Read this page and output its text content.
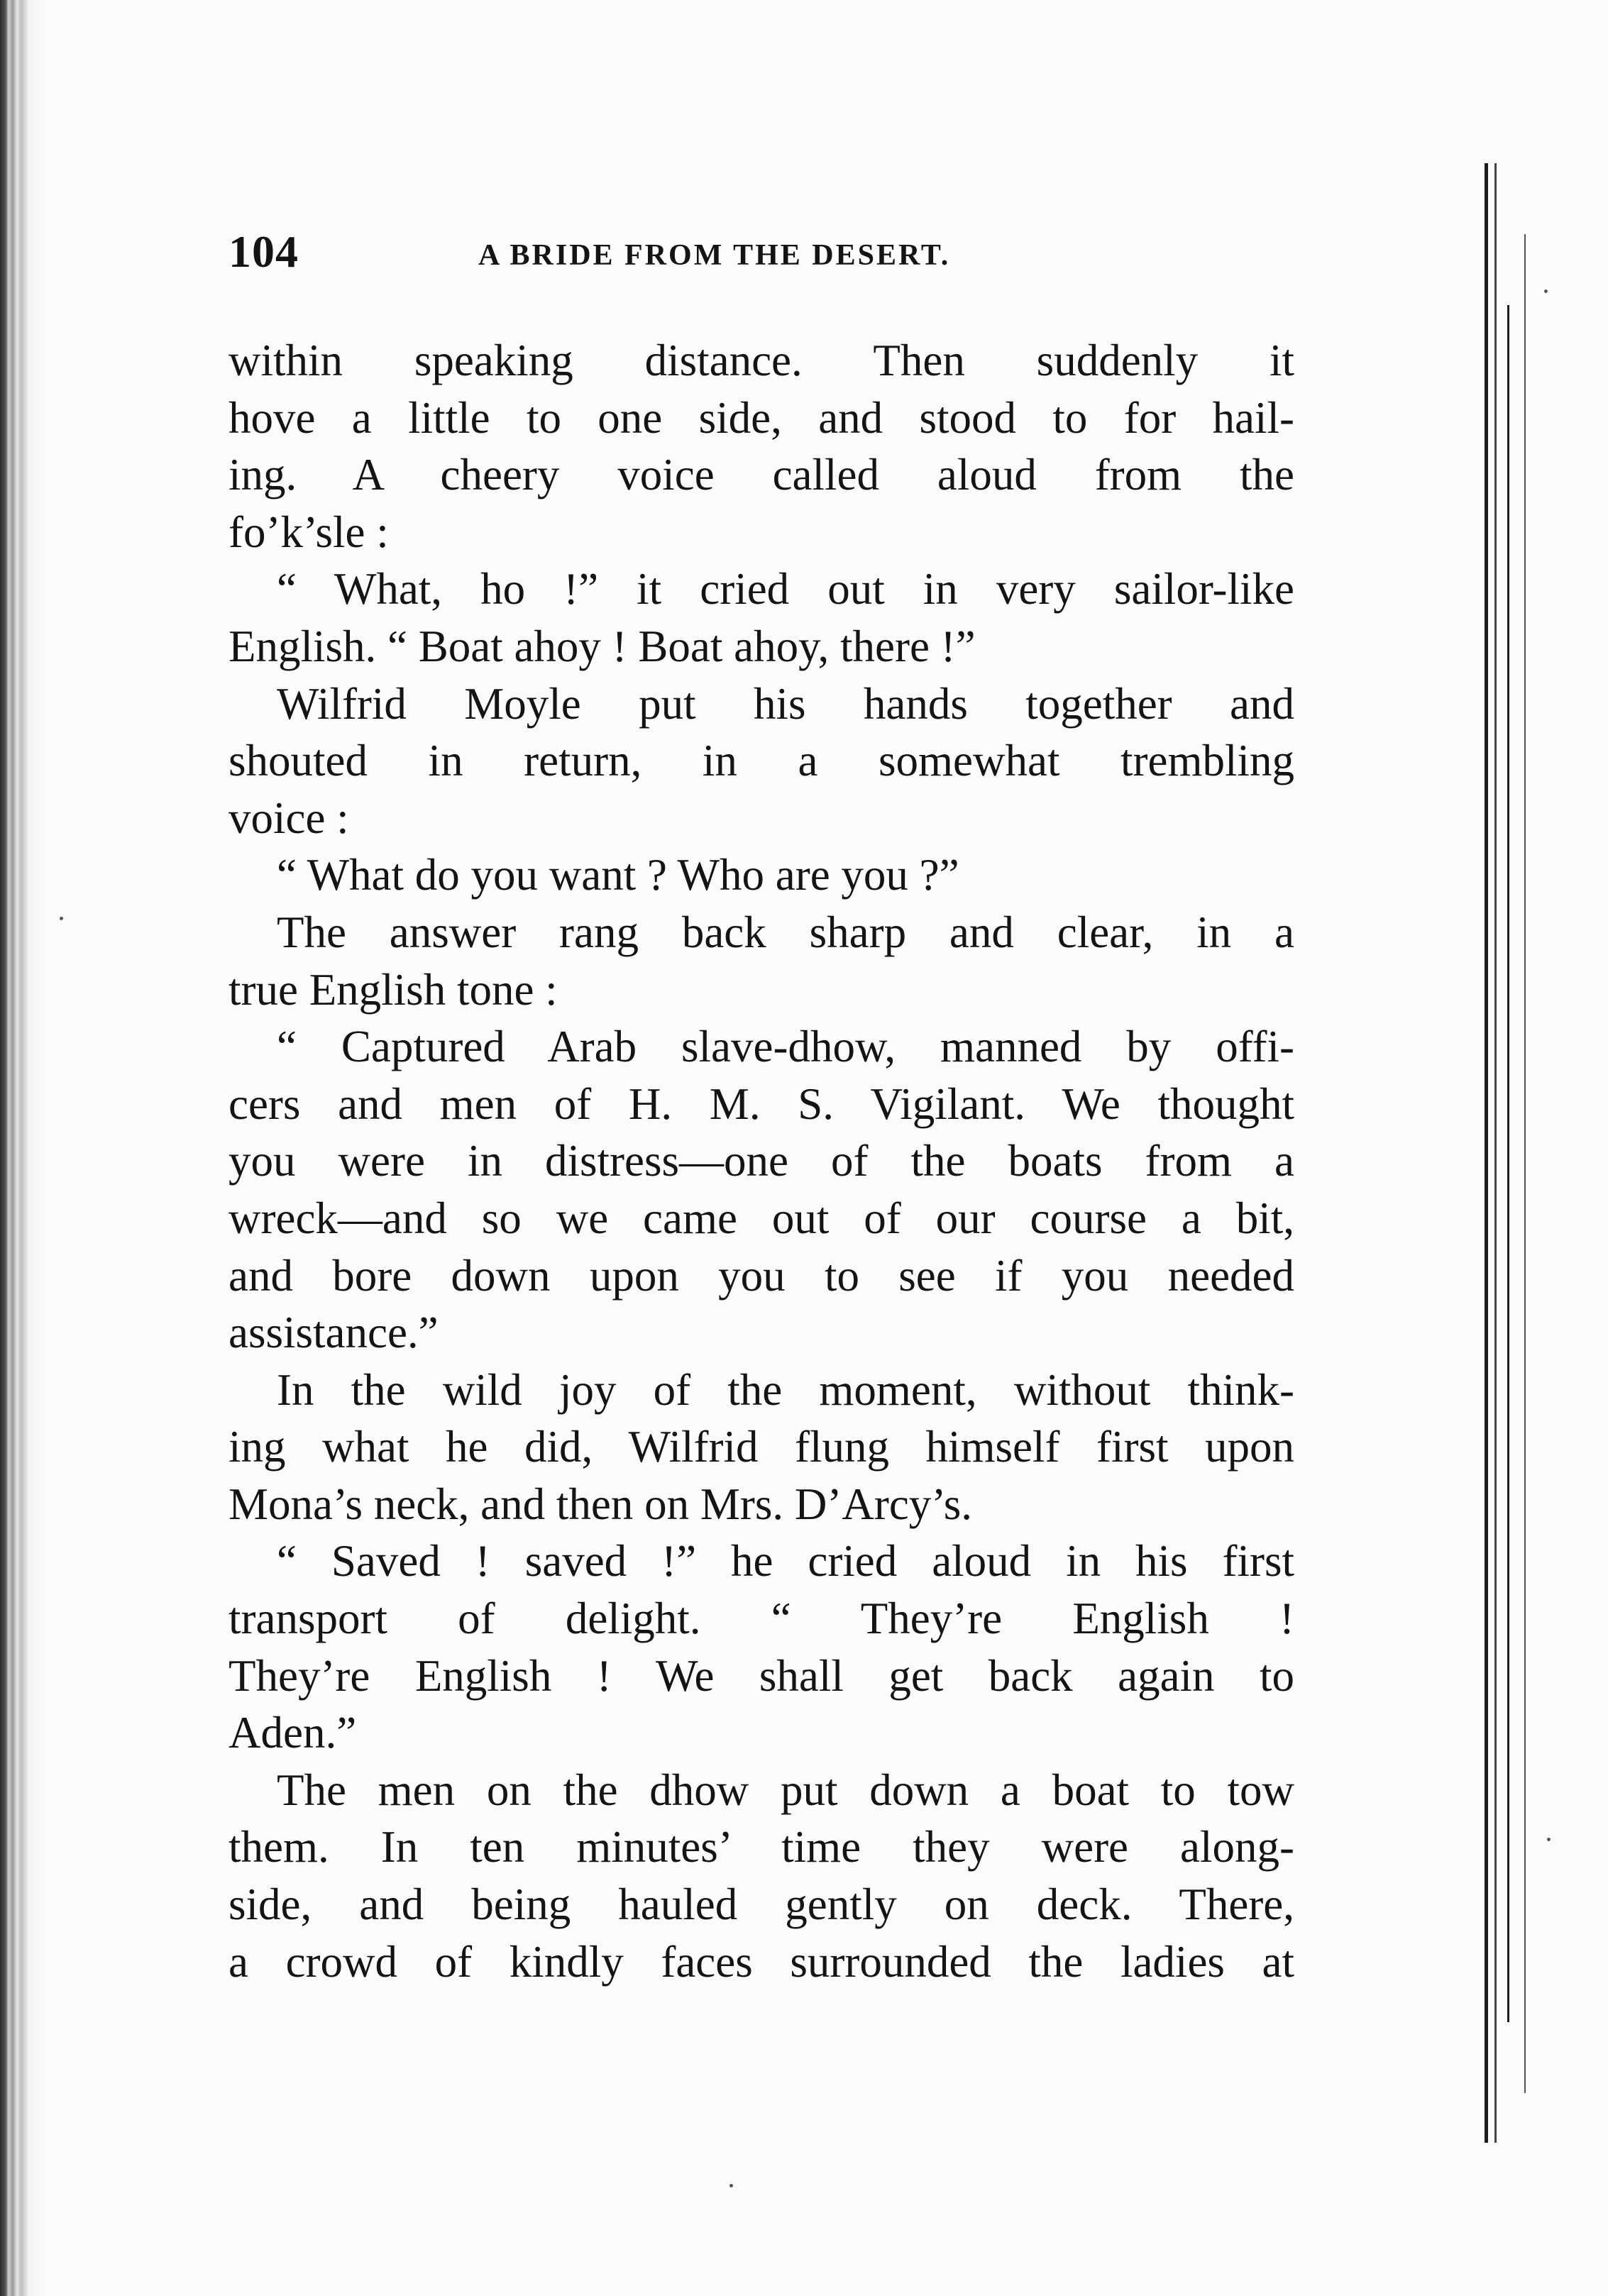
104	A BRIDE FROM THE DESERT.
within speaking distance. Then suddenly it
hove a little to one side, and stood to for hail-
ing. A cheery voice called aloud from the
fo’k’sle :
“ What, ho !” it cried out in very sailor-like
English. “ Boat ahoy ! Boat ahoy, there !”
Wilfrid Moyle put his hands together and
shouted in return, in a somewhat trembling
voice :
“ What do you want ? Who are you ?”
The answer rang back sharp and clear, in a
true English tone :
“ Captured Arab slave-dhow, manned by offi-
cers and men of H. M. S. Vigilant. We thought
you were in distress—one of the boats from a
wreck—and so we came out of our course a bit,
and bore down upon you to see if you needed
assistance.”
In the wild joy of the moment, without think-
ing what he did, Wilfrid flung himself first upon
Mona’s neck, and then on Mrs. D’Arcy’s.
“ Saved ! saved !” he cried aloud in his first
transport of delight. “ They’re English !
They’re English ! We shall get back again to
Aden.”
The men on the dhow put down a boat to tow
them. In ten minutes’ time they were along-
side, and being hauled gently on deck. There,
a crowd of kindly faces surrounded the ladies at
